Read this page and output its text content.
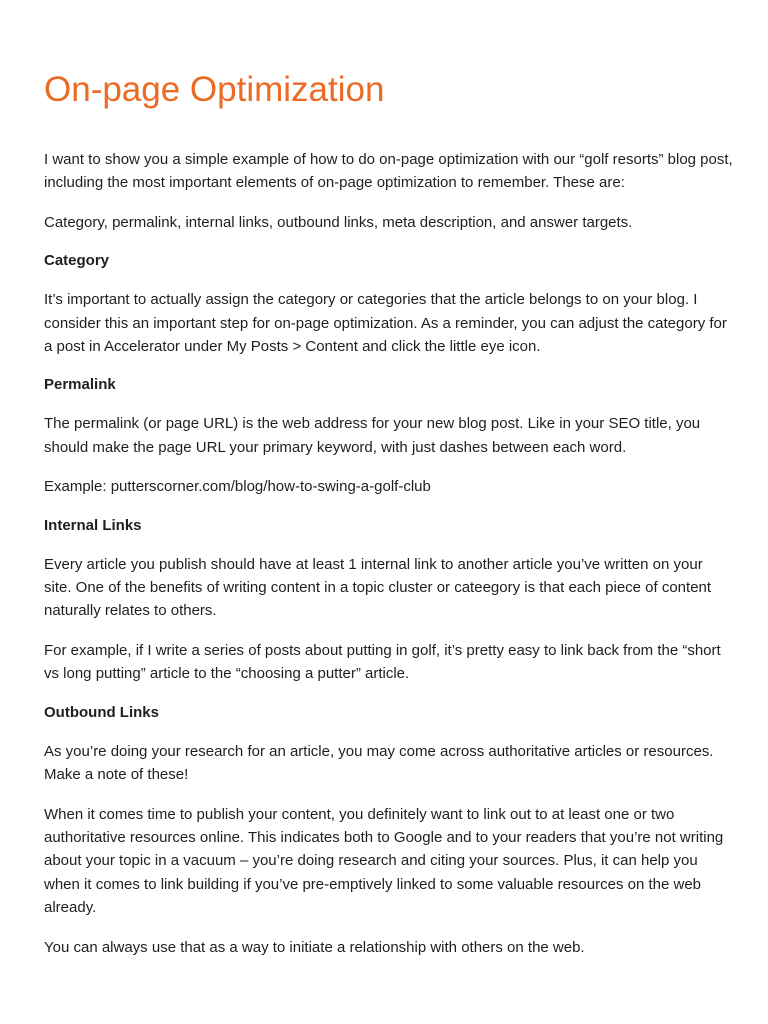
On-page Optimization

I want to show you a simple example of how to do on-page optimization with our “golf resorts” blog post, including the most important elements of on-page optimization to remember. These are:

Category, permalink, internal links, outbound links, meta description, and answer targets.

Category

It’s important to actually assign the category or categories that the article belongs to on your blog. I consider this an important step for on-page optimization. As a reminder, you can adjust the category for a post in Accelerator under My Posts > Content and click the little eye icon.

Permalink

The permalink (or page URL) is the web address for your new blog post. Like in your SEO title, you should make the page URL your primary keyword, with just dashes between each word.

Example: putterscorner.com/blog/how-to-swing-a-golf-club

Internal Links

Every article you publish should have at least 1 internal link to another article you’ve written on your site. One of the benefits of writing content in a topic cluster or cateegory is that each piece of content naturally relates to others.

For example, if I write a series of posts about putting in golf, it’s pretty easy to link back from the “short vs long putting” article to the “choosing a putter” article.

Outbound Links

As you’re doing your research for an article, you may come across authoritative articles or resources. Make a note of these!

When it comes time to publish your content, you definitely want to link out to at least one or two authoritative resources online. This indicates both to Google and to your readers that you’re not writing about your topic in a vacuum – you’re doing research and citing your sources. Plus, it can help you when it comes to link building if you’ve pre-emptively linked to some valuable resources on the web already.

You can always use that as a way to initiate a relationship with others on the web.
